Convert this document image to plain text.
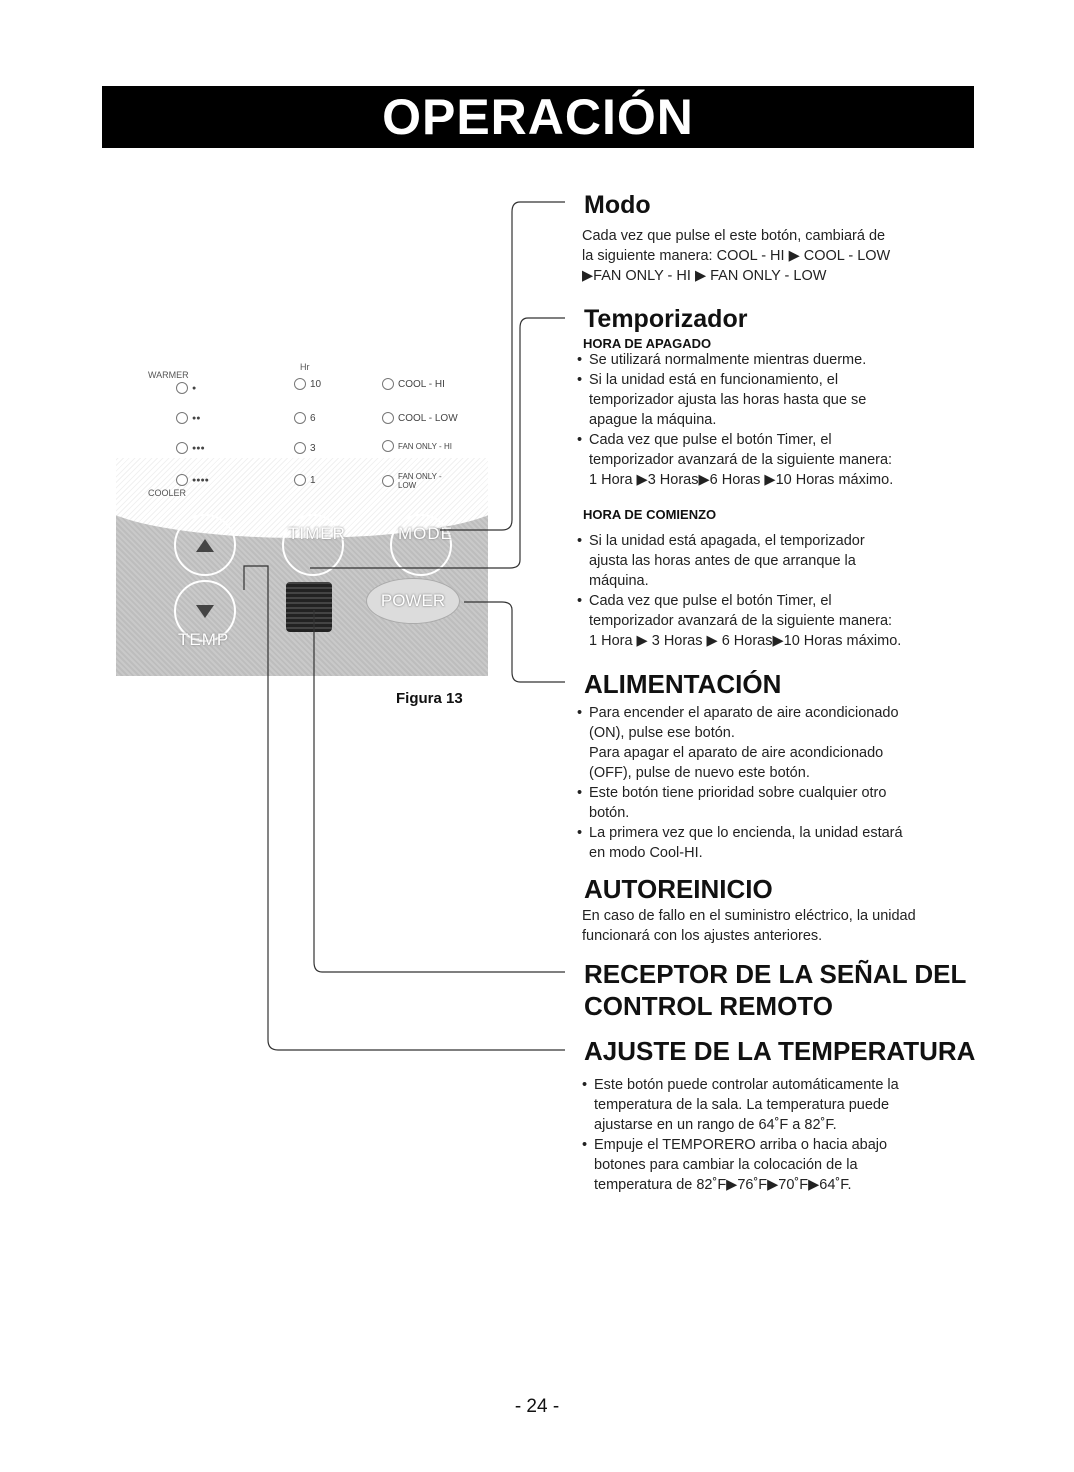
OPERACIÓN
WARMER
COOLER
Hr
●
●●
●●●
●●●●
10
6
3
1
COOL - HI
COOL - LOW
FAN ONLY - HI
FAN ONLY - LOW
TIMER	MODE
TEMP
POWER
Figura 13
Modo
Cada vez que pulse el este botón, cambiará de
la siguiente manera: COOL - HI ▶ COOL - LOW
▶FAN ONLY - HI ▶ FAN ONLY - LOW
Temporizador
HORA DE APAGADO
• Se utilizará normalmente mientras duerme.
• Si la unidad está en funcionamiento, el
temporizador ajusta las horas hasta que se
apague la máquina.
• Cada vez que pulse el botón Timer, el
temporizador avanzará de la siguiente manera:
1 Hora ▶3 Horas▶6 Horas ▶10 Horas máximo.
HORA DE COMIENZO
• Si la unidad está apagada, el temporizador
ajusta las horas antes de que arranque la
máquina.
• Cada vez que pulse el botón Timer, el
temporizador avanzará de la siguiente manera:
1 Hora ▶ 3 Horas ▶ 6 Horas▶10 Horas máximo.
ALIMENTACIÓN
• Para encender el aparato de aire acondicionado
(ON), pulse ese botón.
Para apagar el aparato de aire acondicionado
(OFF), pulse de nuevo este botón.
• Este botón tiene prioridad sobre cualquier otro
botón.
• La primera vez que lo encienda, la unidad estará
en modo Cool-HI.
AUTOREINICIO
En caso de fallo en el suministro eléctrico, la unidad
funcionará con los ajustes anteriores.
RECEPTOR DE LA SEÑAL DEL
CONTROL REMOTO
AJUSTE DE LA TEMPERATURA
• Este botón puede controlar automáticamente la
temperatura de la sala. La temperatura puede
ajustarse en un rango de 64˚F a 82˚F.
• Empuje el TEMPORERO arriba o hacia abajo
botones para cambiar la colocación de la
temperatura de 82˚F▶76˚F▶70˚F▶64˚F.
- 24 -
